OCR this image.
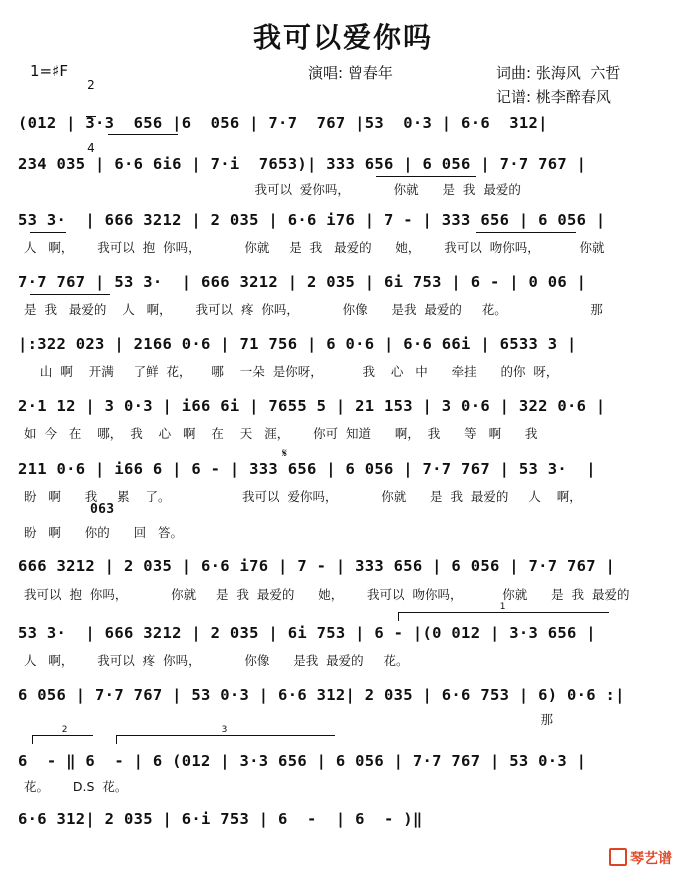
我可以爱你吗
1=♯F

2

4

演唱: 曾春年	词曲: 张海风  六哲
记谱: 桃李醉春风
(012 | 3·3  656 |6  056 | 7·7  767 |53  0·3 | 6·6  312|
234 035 | 6·6 6i6 | 7·i  7653)| 333 656 | 6 056 | 7·7 767 |
我可以  爱你吗，           你就      是  我  最爱的
53 3·  | 666 3212 | 2 035 | 6·6 i76 | 7 - | 333 656 | 6 056 |
人   啊，      我可以  抱  你吗，           你就     是  我   最爱的      她，      我可以  吻你吗，          你就
7·7 767 | 53 3·  | 666 3212 | 2 035 | 6i 753 | 6 - | 0 06 |
是  我   最爱的    人   啊，      我可以  疼  你吗，           你像      是我  最爱的     花。                     那
|:322 023 | 2166 0·6 | 71 756 | 6 0·6 | 6·6 66i | 6533 3 |
山  啊    开满     了鲜  花，     哪    一朵  是你呀，          我    心   中      牵挂      的你  呀，
2·1 12 | 3 0·3 | i66 6i | 7655 5 | 21 153 | 3 0·6 | 322 0·6 |
如  今   在    哪，  我    心   啊    在    天   涯，      你可  知道      啊，  我      等   啊      我
𝄋
211 0·6 | i66 6 | 6 - | 333 656 | 6 056 | 7·7 767 | 53 3·  |
盼   啊      我     累    了。                  我可以  爱你吗，           你就      是  我  最爱的     人    啊，
063
盼   啊      你的      回   答。
666 3212 | 2 035 | 6·6 i76 | 7 - | 333 656 | 6 056 | 7·7 767 |
我可以  抱  你吗，           你就     是  我  最爱的      她，      我可以  吻你吗，          你就      是  我  最爱的
1
53 3·  | 666 3212 | 2 035 | 6i 753 | 6 - |(0 012 | 3·3 656 |
人   啊，      我可以  疼  你吗，           你像      是我  最爱的     花。
6 056 | 7·7 767 | 53 0·3 | 6·6 312| 2 035 | 6·6 753 | 6) 0·6 :|
那
2	3
6  - ‖ 6  - | 6 (012 | 3·3 656 | 6 056 | 7·7 767 | 53 0·3 |
花。      D.S  花。
6·6 312| 2 035 | 6·i 753 | 6  -  | 6  - )‖
琴艺谱
